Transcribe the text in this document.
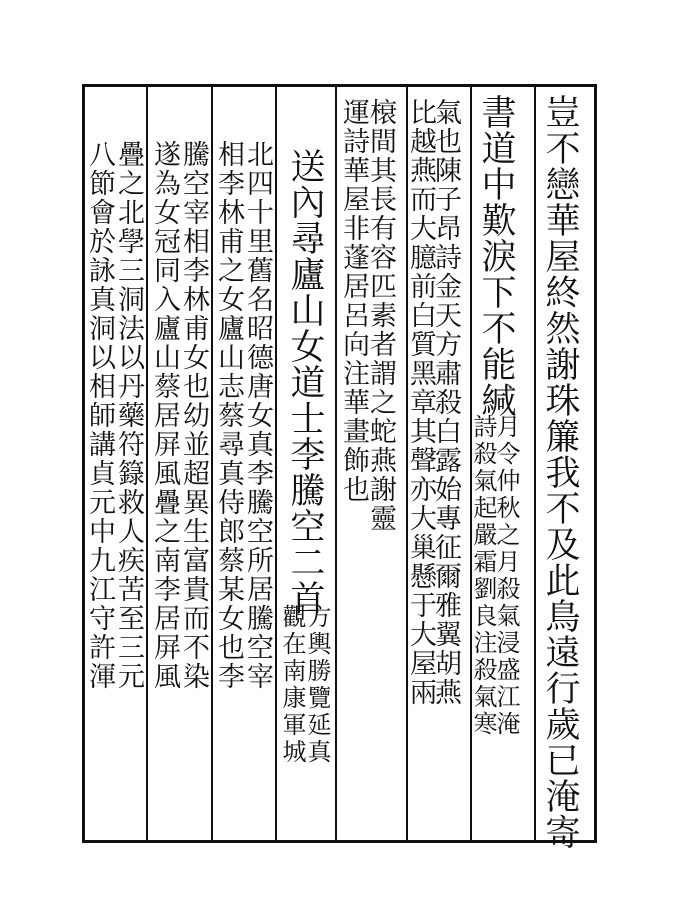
豈不戀華屋終然謝珠簾我不及此鳥遠行歲已淹寄
書道中歎淚下不能緘
月令仲秋之月殺氣浸盛江淹
詩殺氣起嚴霜劉良注殺氣寒
氣也陳子昂詩金天方肅殺白露始專征爾雅翼胡燕
比越燕而大臆前白質黑章其聲亦大巢懸于大屋兩
榱間其長有容匹素者謂之蛇燕謝靈
運詩華屋非蓬居呂向注華畫飾也
送內尋廬山女道士李騰空二首
方輿勝覽延真
觀在南康軍城
北四十里舊名昭德唐女真李騰空所居騰空宰
相李林甫之女廬山志蔡尋真侍郎蔡某女也李
騰空宰相李林甫女也幼並超異生富貴而不染
遂為女冠同入廬山蔡居屏風疊之南李居屏風
疊之北學三洞法以丹藥符籙救人疾苦至三元
八節會於詠真洞以相師講貞元中九江守許渾
